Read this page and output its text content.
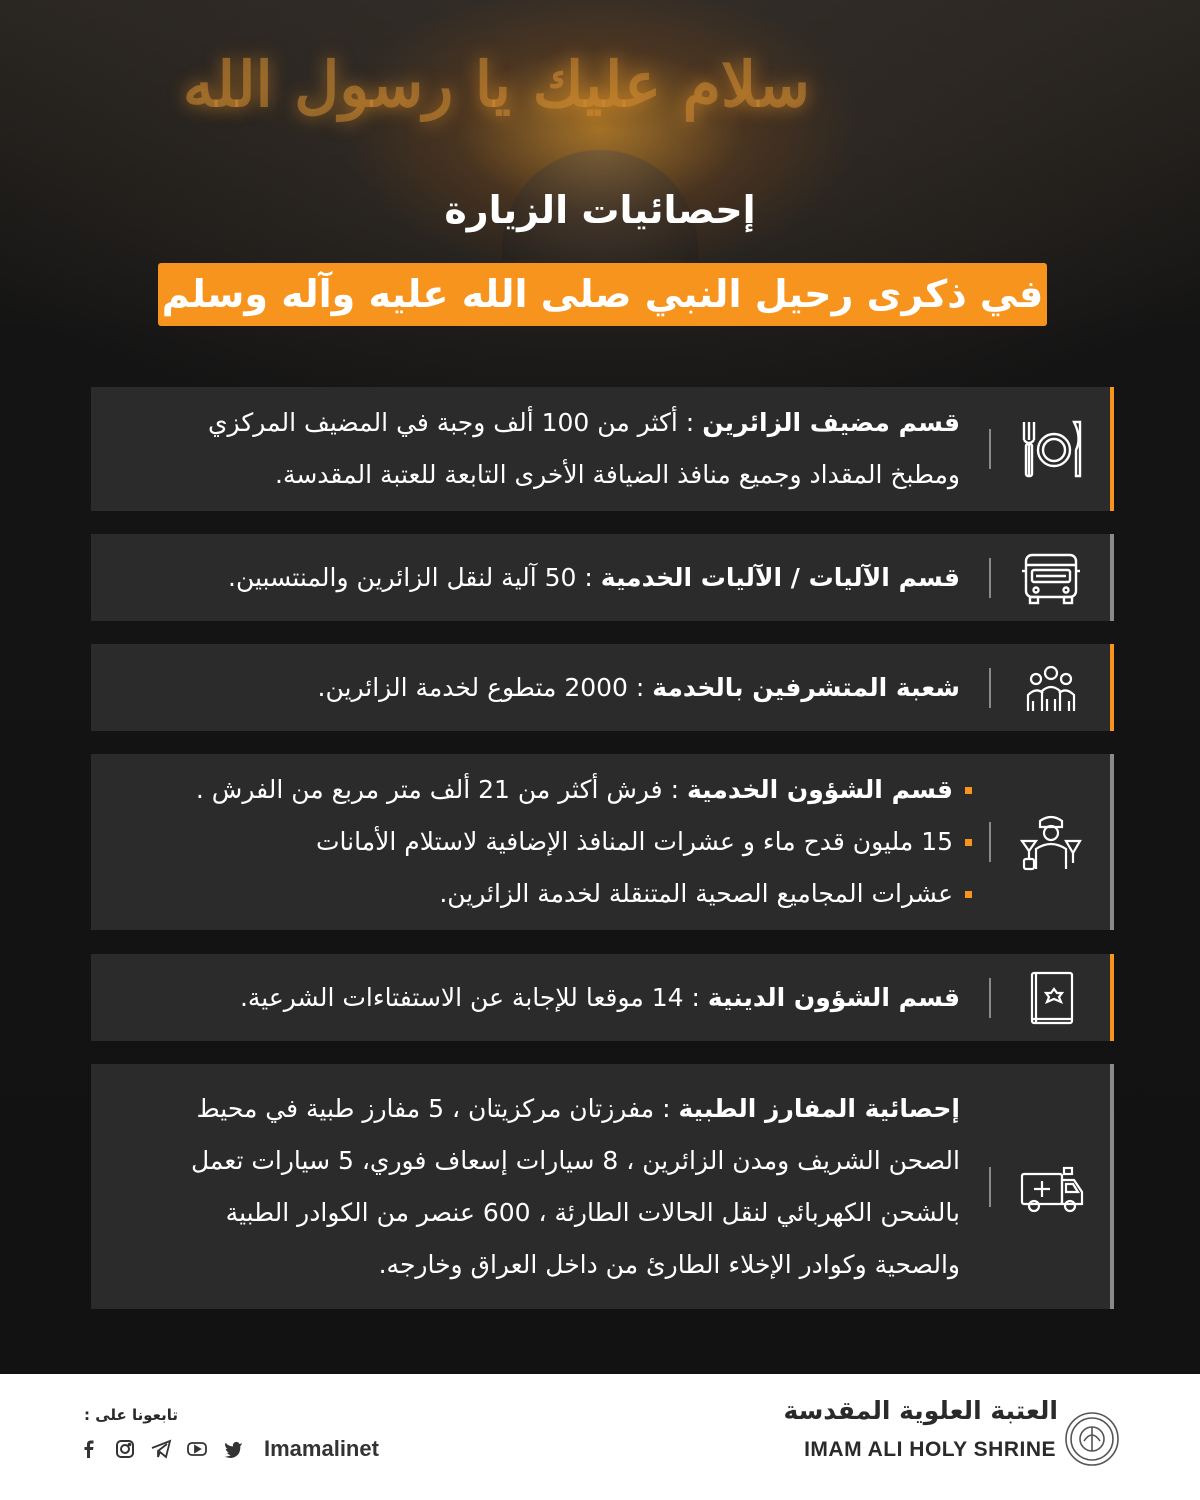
سلام عليك يا رسول الله
إحصائيات الزيارة
في ذكرى رحيل النبي صلى الله عليه وآله وسلم
قسم مضيف الزائرين : أكثر من 100 ألف وجبة في المضيف المركزي
ومطبخ المقداد وجميع منافذ الضيافة الأخرى التابعة للعتبة المقدسة.
قسم الآليات / الآليات الخدمية : 50 آلية لنقل الزائرين والمنتسبين.
شعبة المتشرفين بالخدمة : 2000 متطوع لخدمة الزائرين.
قسم الشؤون الخدمية : فرش أكثر من 21 ألف متر مربع من الفرش .
15 مليون قدح ماء و عشرات المنافذ الإضافية لاستلام الأمانات
عشرات المجاميع الصحية المتنقلة لخدمة الزائرين.
قسم الشؤون الدينية : 14 موقعا للإجابة عن الاستفتاءات الشرعية.
إحصائية المفارز الطبية : مفرزتان مركزيتان ، 5 مفارز طبية في محيط
الصحن الشريف ومدن الزائرين ، 8 سيارات إسعاف فوري، 5 سيارات تعمل
بالشحن الكهربائي لنقل الحالات الطارئة ، 600 عنصر من الكوادر الطبية
والصحية وكوادر الإخلاء الطارئ من داخل العراق وخارجه.
العتبة العلوية المقدسة
IMAM ALI HOLY SHRINE
تابعونا على :
Imamalinet
